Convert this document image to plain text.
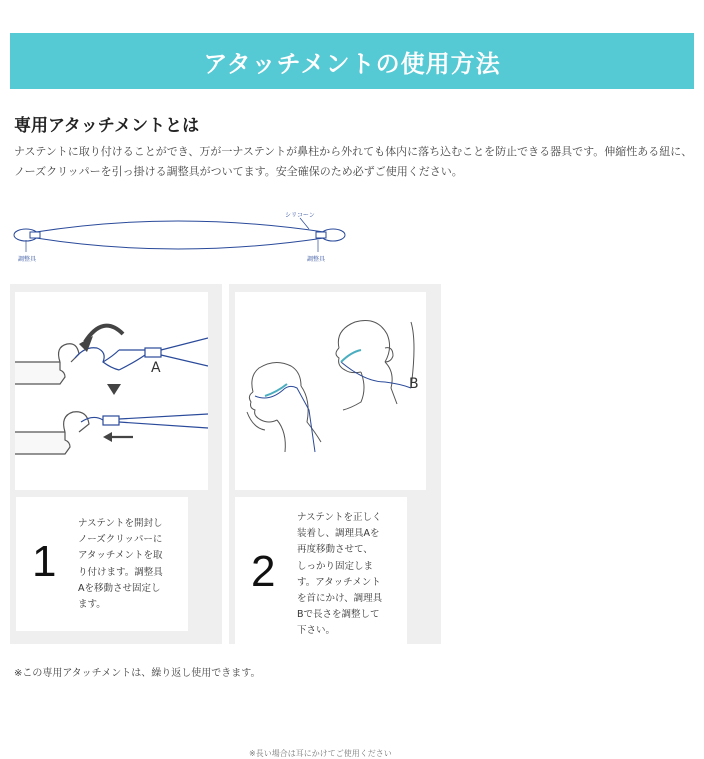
アタッチメントの使用方法
専用アタッチメントとは
ナステントに取り付けることができ、万が一ナステントが鼻柱から外れても体内に落ち込むことを防止できる器具です。伸縮性ある紐に、ノーズクリッパーを引っ掛ける調整具がついてます。安全確保のため必ずご使用ください。
シリコーン
調整具	調整具
A
1
ナステントを開封し
ノーズクリッパーに
アタッチメントを取
り付けます。調整具
Aを移動させ固定し
ます。
B
※長い場合は耳にかけてご使用ください
2
ナステントを正しく
装着し、調理具Aを
再度移動させて、
しっかり固定しま
す。アタッチメント
を首にかけ、調理具
Bで長さを調整して
下さい。
※この専用アタッチメントは、繰り返し使用できます。
